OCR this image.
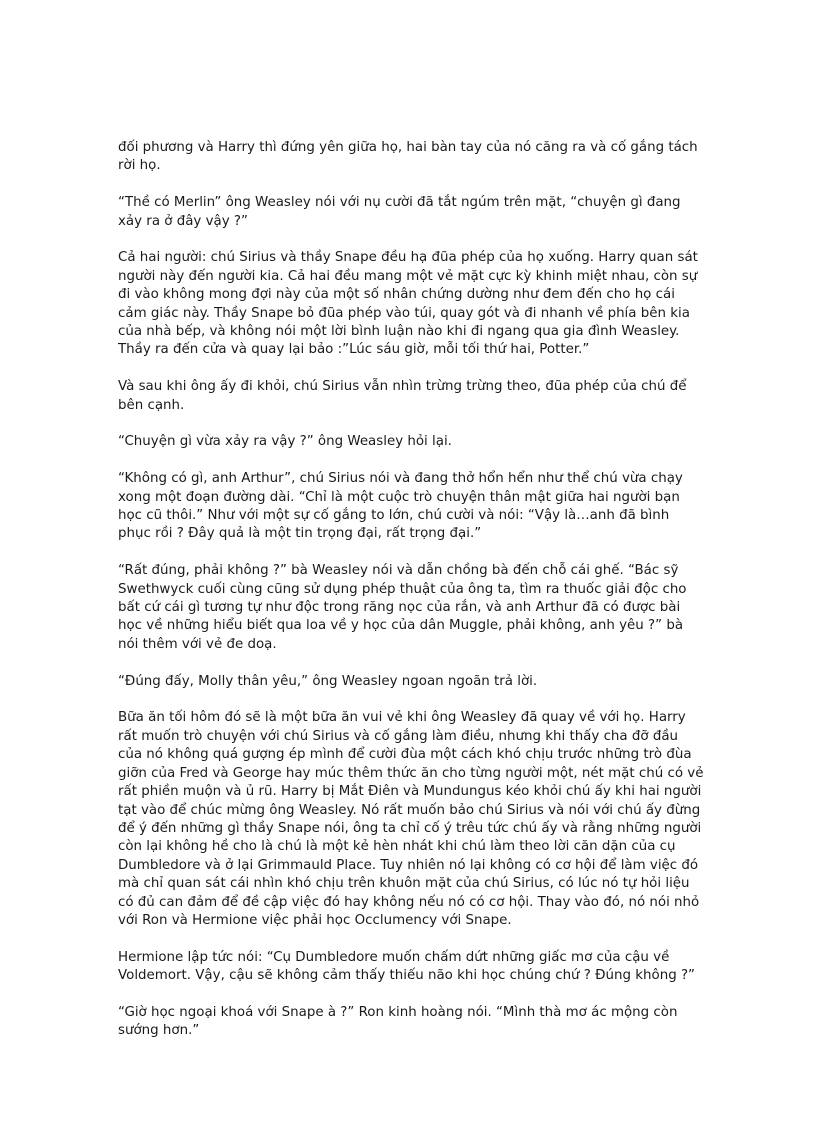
đối phương và Harry thì đứng yên giữa họ, hai bàn tay của nó căng ra và cố gắng tách rời họ.

“Thề có Merlin” ông Weasley nói với nụ cười đã tắt ngúm trên mặt, “chuyện gì đang xảy ra ở đây vậy ?”

Cả hai người: chú Sirius và thầy Snape đều hạ đũa phép của họ xuống. Harry quan sát người này đến người kia. Cả hai đều mang một vẻ mặt cực kỳ khinh miệt nhau, còn sự đi vào không mong đợi này của một số nhân chứng dường như đem đến cho họ cái cảm giác này. Thầy Snape bỏ đũa phép vào túi, quay gót và đi nhanh về phía bên kia của nhà bếp, và không nói một lời bình luận nào khi đi ngang qua gia đình Weasley. Thầy ra đến cửa và quay lại bảo :”Lúc sáu giờ, mỗi tối thứ hai, Potter.”

Và sau khi ông ấy đi khỏi, chú Sirius vẫn nhìn trừng trừng theo, đũa phép của chú để bên cạnh.

“Chuyện gì vừa xảy ra vậy ?” ông Weasley hỏi lại.

“Không có gì, anh Arthur”, chú Sirius nói và đang thở hổn hển như thể chú vừa chạy xong một đoạn đường dài. “Chỉ là một cuộc trò chuyện thân mật giữa hai người bạn học cũ thôi.” Như với một sự cố gắng to lớn, chú cười và nói: “Vậy là…anh đã bình phục rồi ? Đây quả là một tin trọng đại, rất trọng đại.”

“Rất đúng, phải không ?” bà Weasley nói và dẫn chồng bà đến chỗ cái ghế. “Bác sỹ Swethwyck cuối cùng cũng sử dụng phép thuật của ông ta, tìm ra thuốc giải độc cho bất cứ cái gì tương tự như độc trong răng nọc của rắn, và anh Arthur đã có được bài học về những hiểu biết qua loa về y học của dân Muggle, phải không, anh yêu ?” bà nói thêm với vẻ đe doạ.

“Đúng đấy, Molly thân yêu,” ông Weasley ngoan ngoãn trả lời.

Bữa ăn tối hôm đó sẽ là một bữa ăn vui vẻ khi ông Weasley đã quay về với họ. Harry rất muốn trò chuyện với chú Sirius và cố gắng làm điều, nhưng khi thấy cha đỡ đầu của nó không quá gượng ép mình để cười đùa một cách khó chịu trước những trò đùa giỡn của Fred và George hay múc thêm thức ăn cho từng người một, nét mặt chú có vẻ rất phiền muộn và ủ rũ. Harry bị Mắt Điên và Mundungus kéo khỏi chú ấy khi hai người tạt vào để chúc mừng ông Weasley. Nó rất muốn bảo chú Sirius và nói với chú ấy đừng để ý đến những gì thầy Snape nói, ông ta chỉ cố ý trêu tức chú ấy và rằng những người còn lại không hề cho là chú là một kẻ hèn nhát khi chú làm theo lời căn dặn của cụ Dumbledore và ở lại Grimmauld Place. Tuy nhiên nó lại không có cơ hội để làm việc đó mà chỉ quan sát cái nhìn khó chịu trên khuôn mặt của chú Sirius, có lúc nó tự hỏi liệu có đủ can đảm để đề cập việc đó hay không nếu nó có cơ hội. Thay vào đó, nó nói nhỏ với Ron và Hermione việc phải học Occlumency với Snape.

Hermione lập tức nói: “Cụ Dumbledore muốn chấm dứt những giấc mơ của cậu về Voldemort. Vậy, cậu sẽ không cảm thấy thiếu não khi học chúng chứ ? Đúng không ?”

“Giờ học ngoại khoá với Snape à ?” Ron kinh hoàng nói. “Mình thà mơ ác mộng còn sướng hơn.”
